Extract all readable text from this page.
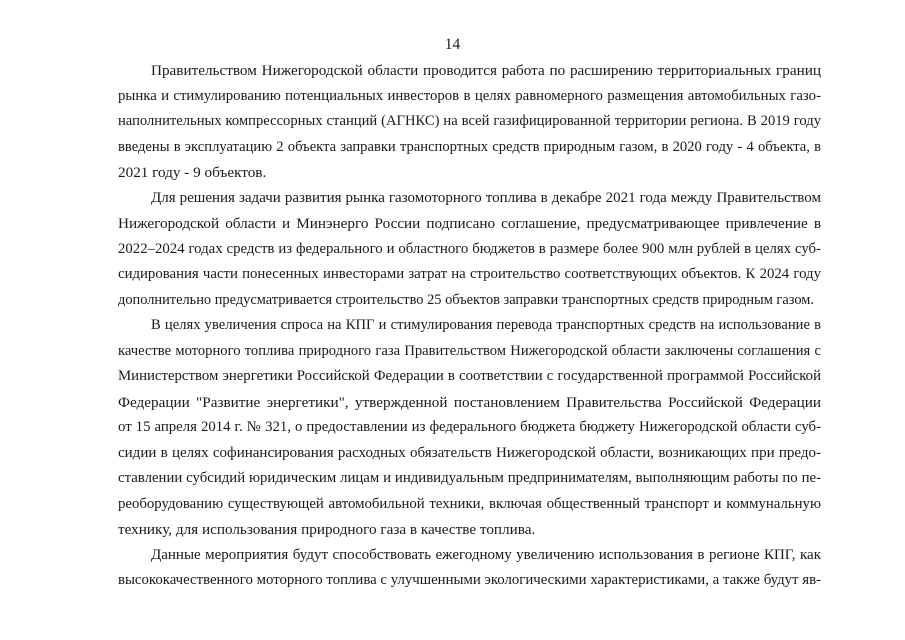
14
Правительством Нижегородской области проводится работа по расширению территориальных границ
рынка и стимулированию потенциальных инвесторов в целях равномерного размещения автомобильных газо-
наполнительных компрессорных станций (АГНКС) на всей газифицированной территории региона. В 2019 году
введены в эксплуатацию 2 объекта заправки транспортных средств природным газом, в 2020 году - 4 объекта, в
2021 году - 9 объектов.
Для решения задачи развития рынка газомоторного топлива в декабре 2021 года между Правительством
Нижегородской области и Минэнерго России подписано соглашение, предусматривающее привлечение в
2022–2024 годах средств из федерального и областного бюджетов в размере более 900 млн рублей в целях суб-
сидирования части понесенных инвесторами затрат на строительство соответствующих объектов. К 2024 году
дополнительно предусматривается строительство 25 объектов заправки транспортных средств природным газом.
В целях увеличения спроса на КПГ и стимулирования перевода транспортных средств на использование в
качестве моторного топлива природного газа Правительством Нижегородской области заключены соглашения с
Министерством энергетики Российской Федерации в соответствии с государственной программой Российской
Федерации "Развитие энергетики", утвержденной постановлением Правительства Российской Федерации
от 15 апреля 2014 г. № 321, о предоставлении из федерального бюджета бюджету Нижегородской области суб-
сидии в целях софинансирования расходных обязательств Нижегородской области, возникающих при предо-
ставлении субсидий юридическим лицам и индивидуальным предпринимателям, выполняющим работы по пе-
реоборудованию существующей автомобильной техники, включая общественный транспорт и коммунальную
технику, для использования природного газа в качестве топлива.
Данные мероприятия будут способствовать ежегодному увеличению использования в регионе КПГ, как
высококачественного моторного топлива с улучшенными экологическими характеристиками, а также будут яв-
